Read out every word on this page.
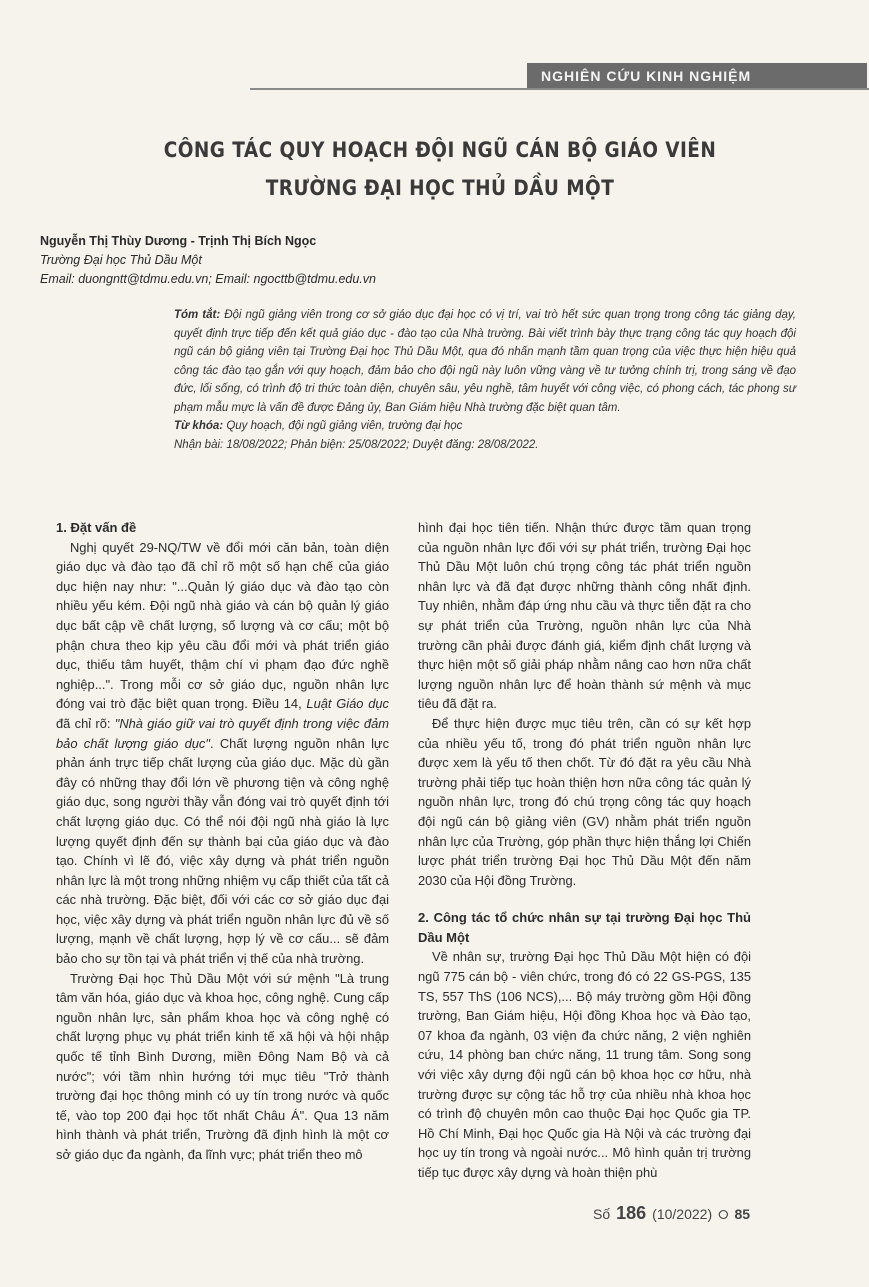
NGHIÊN CỨU KINH NGHIỆM
CÔNG TÁC QUY HOẠCH ĐỘI NGŨ CÁN BỘ GIÁO VIÊN
TRƯỜNG ĐẠI HỌC THỦ DẦU MỘT
Nguyễn Thị Thùy Dương - Trịnh Thị Bích Ngọc
Trường Đại học Thủ Dầu Một
Email: duongntt@tdmu.edu.vn; Email: ngocttb@tdmu.edu.vn
Tóm tắt: Đội ngũ giảng viên trong cơ sở giáo dục đại học có vị trí, vai trò hết sức quan trọng trong công tác giảng dạy, quyết định trực tiếp đến kết quả giáo dục - đào tạo của Nhà trường. Bài viết trình bày thực trạng công tác quy hoạch đội ngũ cán bộ giảng viên tại Trường Đại học Thủ Dầu Một, qua đó nhấn mạnh tầm quan trọng của việc thực hiện hiệu quả công tác đào tạo gắn với quy hoạch, đảm bảo cho đội ngũ này luôn vững vàng về tư tưởng chính trị, trong sáng về đạo đức, lối sống, có trình độ tri thức toàn diện, chuyên sâu, yêu nghề, tâm huyết với công việc, có phong cách, tác phong sư phạm mẫu mực là vấn đề được Đảng ủy, Ban Giám hiệu Nhà trường đặc biệt quan tâm.
Từ khóa: Quy hoạch, đội ngũ giảng viên, trường đại học
Nhận bài: 18/08/2022; Phản biện: 25/08/2022; Duyệt đăng: 28/08/2022.
1. Đặt vấn đề

Nghị quyết 29-NQ/TW về đổi mới căn bản, toàn diện giáo dục và đào tạo đã chỉ rõ một số hạn chế của giáo dục hiện nay như: "...Quản lý giáo dục và đào tạo còn nhiều yếu kém. Đội ngũ nhà giáo và cán bộ quản lý giáo dục bất cập về chất lượng, số lượng và cơ cấu; một bộ phận chưa theo kịp yêu cầu đổi mới và phát triển giáo dục, thiếu tâm huyết, thậm chí vi phạm đạo đức nghề nghiệp...". Trong mỗi cơ sở giáo dục, nguồn nhân lực đóng vai trò đặc biệt quan trọng. Điều 14, Luật Giáo dục đã chỉ rõ: "Nhà giáo giữ vai trò quyết định trong việc đảm bảo chất lượng giáo dục". Chất lượng nguồn nhân lực phản ánh trực tiếp chất lượng của giáo dục. Mặc dù gần đây có những thay đổi lớn về phương tiện và công nghệ giáo dục, song người thầy vẫn đóng vai trò quyết định tới chất lượng giáo dục. Có thể nói đội ngũ nhà giáo là lực lượng quyết định đến sự thành bại của giáo dục và đào tạo. Chính vì lẽ đó, việc xây dựng và phát triển nguồn nhân lực là một trong những nhiệm vụ cấp thiết của tất cả các nhà trường. Đặc biệt, đối với các cơ sở giáo dục đại học, việc xây dựng và phát triển nguồn nhân lực đủ về số lượng, mạnh về chất lượng, hợp lý về cơ cấu... sẽ đảm bảo cho sự tồn tại và phát triển vị thế của nhà trường.

Trường Đại học Thủ Dầu Một với sứ mệnh "Là trung tâm văn hóa, giáo dục và khoa học, công nghệ. Cung cấp nguồn nhân lực, sản phẩm khoa học và công nghệ có chất lượng phục vụ phát triển kinh tế xã hội và hội nhập quốc tế tỉnh Bình Dương, miền Đông Nam Bộ và cả nước"; với tầm nhìn hướng tới mục tiêu "Trở thành trường đại học thông minh có uy tín trong nước và quốc tế, vào top 200 đại học tốt nhất Châu Á". Qua 13 năm hình thành và phát triển, Trường đã định hình là một cơ sở giáo dục đa ngành, đa lĩnh vực; phát triển theo mô

hình đại học tiên tiến. Nhận thức được tầm quan trọng của nguồn nhân lực đối với sự phát triển, trường Đại học Thủ Dầu Một luôn chú trọng công tác phát triển nguồn nhân lực và đã đạt được những thành công nhất định. Tuy nhiên, nhằm đáp ứng nhu cầu và thực tiễn đặt ra cho sự phát triển của Trường, nguồn nhân lực của Nhà trường cần phải được đánh giá, kiểm định chất lượng và thực hiện một số giải pháp nhằm nâng cao hơn nữa chất lượng nguồn nhân lực để hoàn thành sứ mệnh và mục tiêu đã đặt ra.

Để thực hiện được mục tiêu trên, cần có sự kết hợp của nhiều yếu tố, trong đó phát triển nguồn nhân lực được xem là yếu tố then chốt. Từ đó đặt ra yêu cầu Nhà trường phải tiếp tục hoàn thiện hơn nữa công tác quản lý nguồn nhân lực, trong đó chú trọng công tác quy hoạch đội ngũ cán bộ giảng viên (GV) nhằm phát triển nguồn nhân lực của Trường, góp phần thực hiện thắng lợi Chiến lược phát triển trường Đại học Thủ Dầu Một đến năm 2030 của Hội đồng Trường.

2. Công tác tổ chức nhân sự tại trường Đại học Thủ Dầu Một

Về nhân sự, trường Đại học Thủ Dầu Một hiện có đội ngũ 775 cán bộ - viên chức, trong đó có 22 GS-PGS, 135 TS, 557 ThS (106 NCS),... Bộ máy trường gồm Hội đồng trường, Ban Giám hiệu, Hội đồng Khoa học và Đào tạo, 07 khoa đa ngành, 03 viện đa chức năng, 2 viện nghiên cứu, 14 phòng ban chức năng, 11 trung tâm. Song song với việc xây dựng đội ngũ cán bộ khoa học cơ hữu, nhà trường được sự cộng tác hỗ trợ của nhiều nhà khoa học có trình độ chuyên môn cao thuộc Đại học Quốc gia TP. Hồ Chí Minh, Đại học Quốc gia Hà Nội và các trường đại học uy tín trong và ngoài nước... Mô hình quản trị trường tiếp tục được xây dựng và hoàn thiện phù

Số 186 (10/2022) ⭘ 85
